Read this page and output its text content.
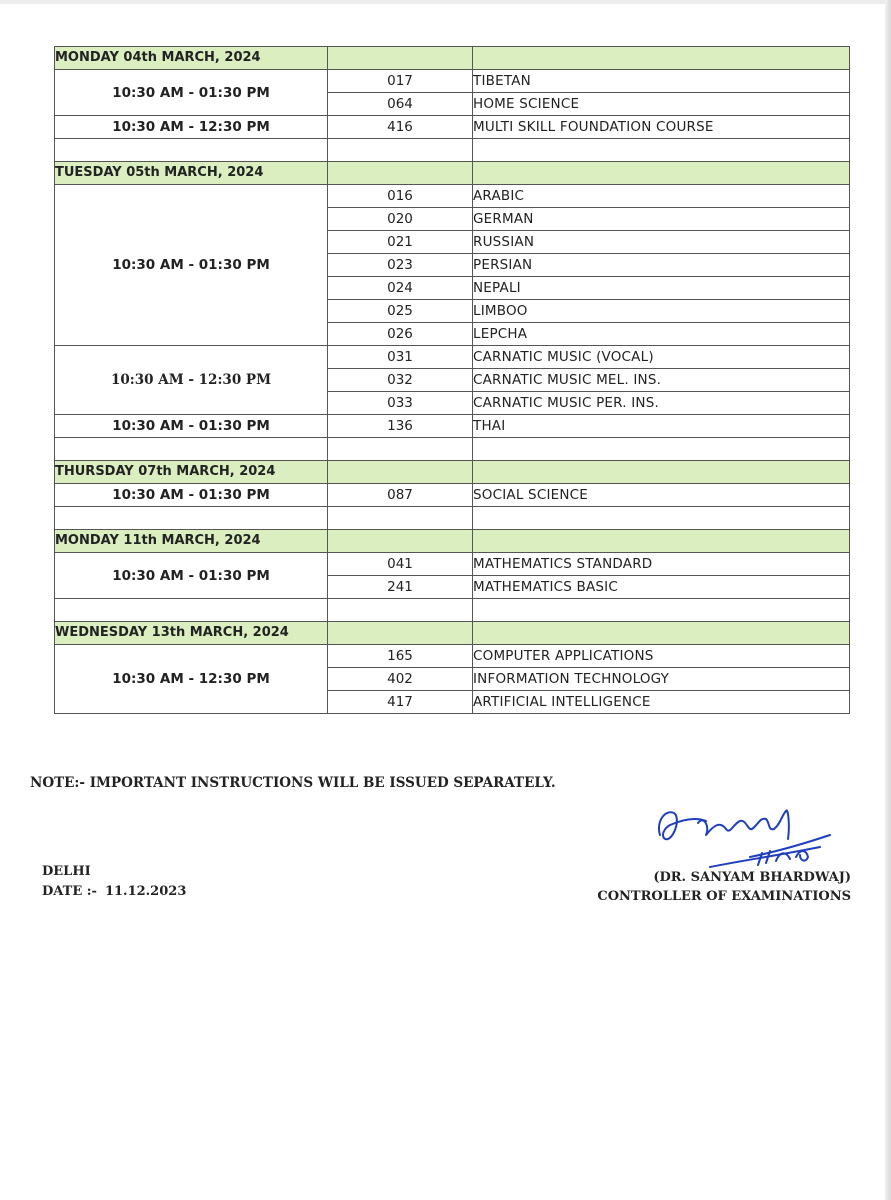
MONDAY 04th MARCH, 2024		
10:30 AM - 01:30 PM	017	TIBETAN
	064	HOME SCIENCE
10:30 AM - 12:30 PM	416	MULTI SKILL FOUNDATION COURSE

TUESDAY 05th MARCH, 2024		
10:30 AM - 01:30 PM	016	ARABIC
	020	GERMAN
	021	RUSSIAN
	023	PERSIAN
	024	NEPALI
	025	LIMBOO
	026	LEPCHA
10:30 AM - 12:30 PM	031	CARNATIC MUSIC (VOCAL)
	032	CARNATIC MUSIC MEL. INS.
	033	CARNATIC MUSIC PER. INS.
10:30 AM - 01:30 PM	136	THAI

THURSDAY 07th MARCH, 2024		
10:30 AM - 01:30 PM	087	SOCIAL SCIENCE

MONDAY 11th MARCH, 2024		
10:30 AM - 01:30 PM	041	MATHEMATICS STANDARD
	241	MATHEMATICS BASIC

WEDNESDAY 13th MARCH, 2024		
10:30 AM - 12:30 PM	165	COMPUTER APPLICATIONS
	402	INFORMATION TECHNOLOGY
	417	ARTIFICIAL INTELLIGENCE
NOTE:- IMPORTANT INSTRUCTIONS WILL BE ISSUED SEPARATELY.
DELHI
DATE :- 11.12.2023
(DR. SANYAM BHARDWAJ)
CONTROLLER OF EXAMINATIONS
